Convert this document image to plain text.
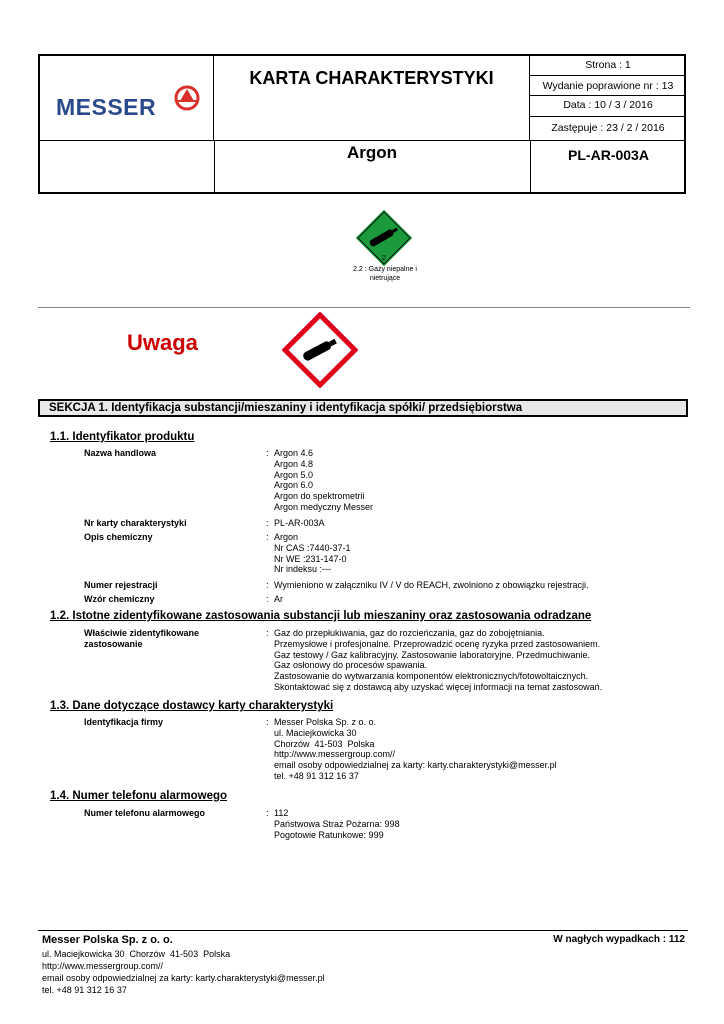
MESSER
KARTA CHARAKTERYSTYKI
Strona : 1
Wydanie poprawione nr : 13
Data : 10 / 3 / 2016
Zastępuje : 23 / 2 / 2016
Argon	PL-AR-003A
2
2.2 : Gazy niepalne i
nietrujące
Uwaga
SEKCJA 1. Identyfikacja substancji/mieszaniny i identyfikacja spółki/ przedsiębiorstwa
1.1. Identyfikator produktu
Nazwa handlowa	: Argon 4.6
Argon 4.8
Argon 5.0
Argon 6.0
Argon do spektrometrii
Argon medyczny Messer
Nr karty charakterystyki	: PL-AR-003A
Opis chemiczny	: Argon
Nr CAS :7440-37-1
Nr WE :231-147-0
Nr indeksu :---
Numer rejestracji	: Wymieniono w załączniku IV / V do REACH, zwolniono z obowiązku rejestracji.
Wzór chemiczny	: Ar
1.2. Istotne zidentyfikowane zastosowania substancji lub mieszaniny oraz zastosowania odradzane
Właściwie zidentyfikowane
zastosowanie
: Gaz do przepłukiwania, gaz do rozcieńczania, gaz do zobojętniania.
Przemysłowe i profesjonalne. Przeprowadzić ocenę ryzyka przed zastosowaniem.
Gaz testowy / Gaz kalibracyjny. Zastosowanie laboratoryjne. Przedmuchiwanie.
Gaz osłonowy do procesów spawania.
Zastosowanie do wytwarzania komponentów elektronicznych/fotowoltaicznych.
Skontaktować się z dostawcą aby uzyskać więcej informacji na temat zastosowań.
1.3. Dane dotyczące dostawcy karty charakterystyki
Identyfikacja firmy	: Messer Polska Sp. z o. o.
ul. Maciejkowicka 30
Chorzów  41-503  Polska
http://www.messergroup.com//
email osoby odpowiedzialnej za karty: karty.charakterystyki@messer.pl
tel. +48 91 312 16 37
1.4. Numer telefonu alarmowego
Numer telefonu alarmowego	: 112
Państwowa Straż Pożarna: 998
Pogotowie Ratunkowe: 999
Messer Polska Sp. z o. o.	W nagłych wypadkach : 112
ul. Maciejkowicka 30  Chorzów  41-503  Polska
http://www.messergroup.com//
email osoby odpowiedzialnej za karty: karty.charakterystyki@messer.pl
tel. +48 91 312 16 37
